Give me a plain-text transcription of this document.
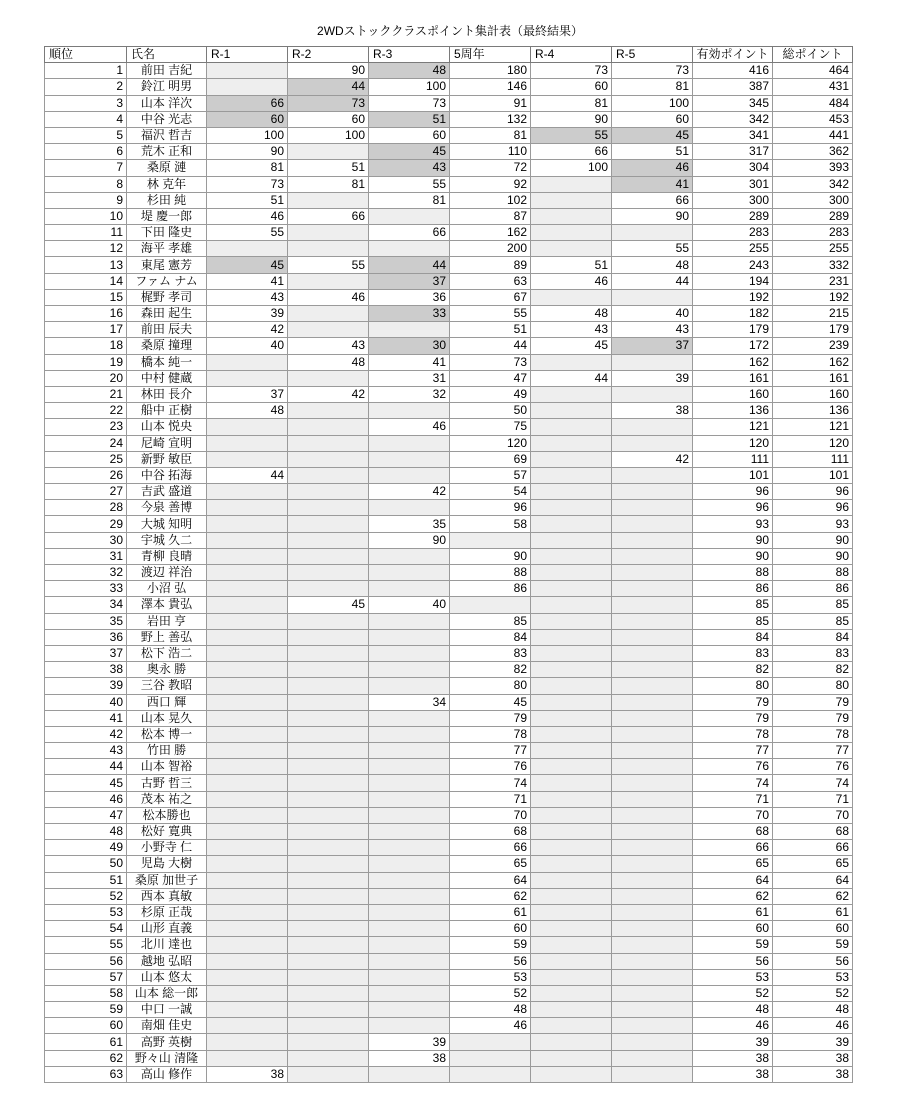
2WDストッククラスポイント集計表（最終結果）
順位	氏名	R-1	R-2	R-3	5周年	R-4	R-5	有効ポイント	総ポイント
1	前田 吉紀		90	48	180	73	73	416	464
2	鈴江 明男		44	100	146	60	81	387	431
3	山本 洋次	66	73	73	91	81	100	345	484
4	中谷 光志	60	60	51	132	90	60	342	453
5	福沢 哲吉	100	100	60	81	55	45	341	441
6	荒木 正和	90		45	110	66	51	317	362
7	桑原 漣	81	51	43	72	100	46	304	393
8	林 克年	73	81	55	92		41	301	342
9	杉田 純	51		81	102		66	300	300
10	堤 慶一郎	46	66		87		90	289	289
11	下田 隆史	55		66	162			283	283
12	海平 孝雄				200		55	255	255
13	東尾 憲芳	45	55	44	89	51	48	243	332
14	ファム ナム	41		37	63	46	44	194	231
15	梶野 孝司	43	46	36	67			192	192
16	森田 起生	39		33	55	48	40	182	215
17	前田 辰夫	42			51	43	43	179	179
18	桑原 撞理	40	43	30	44	45	37	172	239
19	橋本 純一		48	41	73			162	162
20	中村 健蔵			31	47	44	39	161	161
21	林田 長介	37	42	32	49			160	160
22	船中 正樹	48			50		38	136	136
23	山本 悦央			46	75			121	121
24	尼崎 宣明				120			120	120
25	新野 敏臣				69		42	111	111
26	中谷 拓海	44			57			101	101
27	吉武 盛道			42	54			96	96
28	今泉 善博				96			96	96
29	大城 知明			35	58			93	93
30	宇城 久二			90				90	90
31	青柳 良晴				90			90	90
32	渡辺 祥治				88			88	88
33	小沼 弘				86			86	86
34	澤本 貴弘		45	40				85	85
35	岩田 亨				85			85	85
36	野上 善弘				84			84	84
37	松下 浩二				83			83	83
38	奥永 勝				82			82	82
39	三谷 教昭				80			80	80
40	西口 輝			34	45			79	79
41	山本 晃久				79			79	79
42	松本 博一				78			78	78
43	竹田 勝				77			77	77
44	山本 智裕				76			76	76
45	古野 哲三				74			74	74
46	茂本 祐之				71			71	71
47	松本勝也				70			70	70
48	松好 寛典				68			68	68
49	小野寺 仁				66			66	66
50	児島 大樹				65			65	65
51	桑原 加世子				64			64	64
52	西本 真敏				62			62	62
53	杉原 正哉				61			61	61
54	山形 直義				60			60	60
55	北川 達也				59			59	59
56	越地 弘昭				56			56	56
57	山本 悠太				53			53	53
58	山本 総一郎				52			52	52
59	中口 一誠				48			48	48
60	南畑 佳史				46			46	46
61	高野 英樹			39				39	39
62	野々山 清隆			38				38	38
63	高山 修作	38						38	38
